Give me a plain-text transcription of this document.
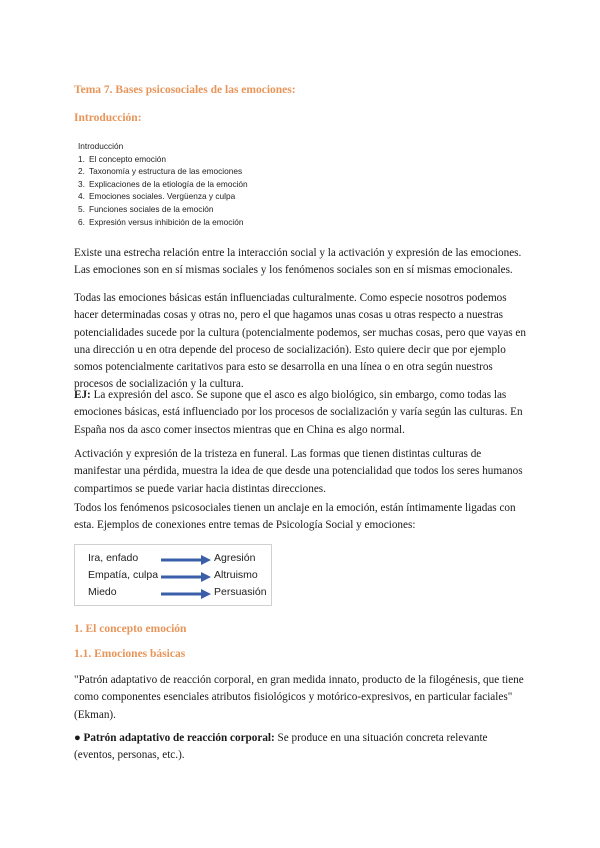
Tema 7. Bases psicosociales de las emociones:
Introducción:
Introducción
1. El concepto emoción
2. Taxonomía y estructura de las emociones
3. Explicaciones de la etiología de la emoción
4. Emociones sociales. Vergüenza y culpa
5. Funciones sociales de la emoción
6. Expresión versus inhibición de la emoción
Existe una estrecha relación entre la interacción social y la activación y expresión de las emociones. Las emociones son en sí mismas sociales y los fenómenos sociales son en sí mismas emocionales.
Todas las emociones básicas están influenciadas culturalmente. Como especie nosotros podemos hacer determinadas cosas y otras no, pero el que hagamos unas cosas u otras respecto a nuestras potencialidades sucede por la cultura (potencialmente podemos, ser muchas cosas, pero que vayas en una dirección u en otra depende del proceso de socialización). Esto quiere decir que por ejemplo somos potencialmente caritativos para esto se desarrolla en una línea o en otra según nuestros procesos de socialización y la cultura.
EJ: La expresión del asco. Se supone que el asco es algo biológico, sin embargo, como todas las emociones básicas, está influenciado por los procesos de socialización y varía según las culturas. En España nos da asco comer insectos mientras que en China es algo normal.
Activación y expresión de la tristeza en funeral. Las formas que tienen distintas culturas de manifestar una pérdida, muestra la idea de que desde una potencialidad que todos los seres humanos compartimos se puede variar hacia distintas direcciones.
Todos los fenómenos psicosociales tienen un anclaje en la emoción, están íntimamente ligadas con esta. Ejemplos de conexiones entre temas de Psicología Social y emociones:
Ira, enfado	Agresión
Empatía, culpa	Altruismo
Miedo	Persuasión
1. El concepto emoción
1.1. Emociones básicas
"Patrón adaptativo de reacción corporal, en gran medida innato, producto de la filogénesis, que tiene como componentes esenciales atributos fisiológicos y motórico-expresivos, en particular faciales" (Ekman).
● Patrón adaptativo de reacción corporal: Se produce en una situación concreta relevante (eventos, personas, etc.).
